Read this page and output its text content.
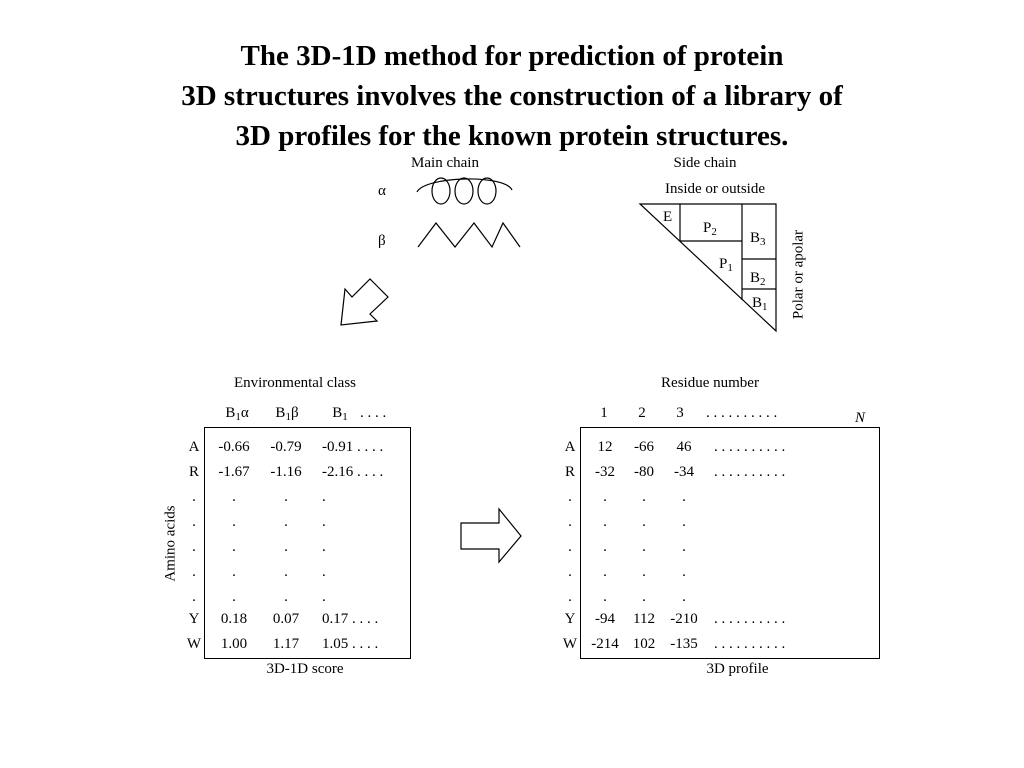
The 3D-1D method for prediction of protein
3D structures involves the construction of a library of
3D profiles for the known protein structures.
Main chain
α
β
Side chain
Inside or outside
Polar or apolar
E
$P_2$
$P_1$
$B_3$
$B_2$
$B_1$
Environmental class
$B_1\alpha$	$B_1\beta$	$B_1$ . . . .
Amino acids
A	-0.66	-0.79	-0.91 . . . .
R	-1.67	-1.16	-2.16 . . . .
.	.	.	.
.	.	.	.
.	.	.	.
.	.	.	.
.	.	.	.
Y	0.18	0.07	0.17 . . . .
W	1.00	1.17	1.05 . . . .
3D-1D score
Residue number
1	2	3	. . . . . . . . . .	N
A	12	-66	46	. . . . . . . . . .
R	-32	-80	-34	. . . . . . . . . .
.	.	.	.
.	.	.	.
.	.	.	.
.	.	.	.
.	.	.	.
Y	-94	112	-210	. . . . . . . . . .
W -214 102	-135	. . . . . . . . . .
3D profile
